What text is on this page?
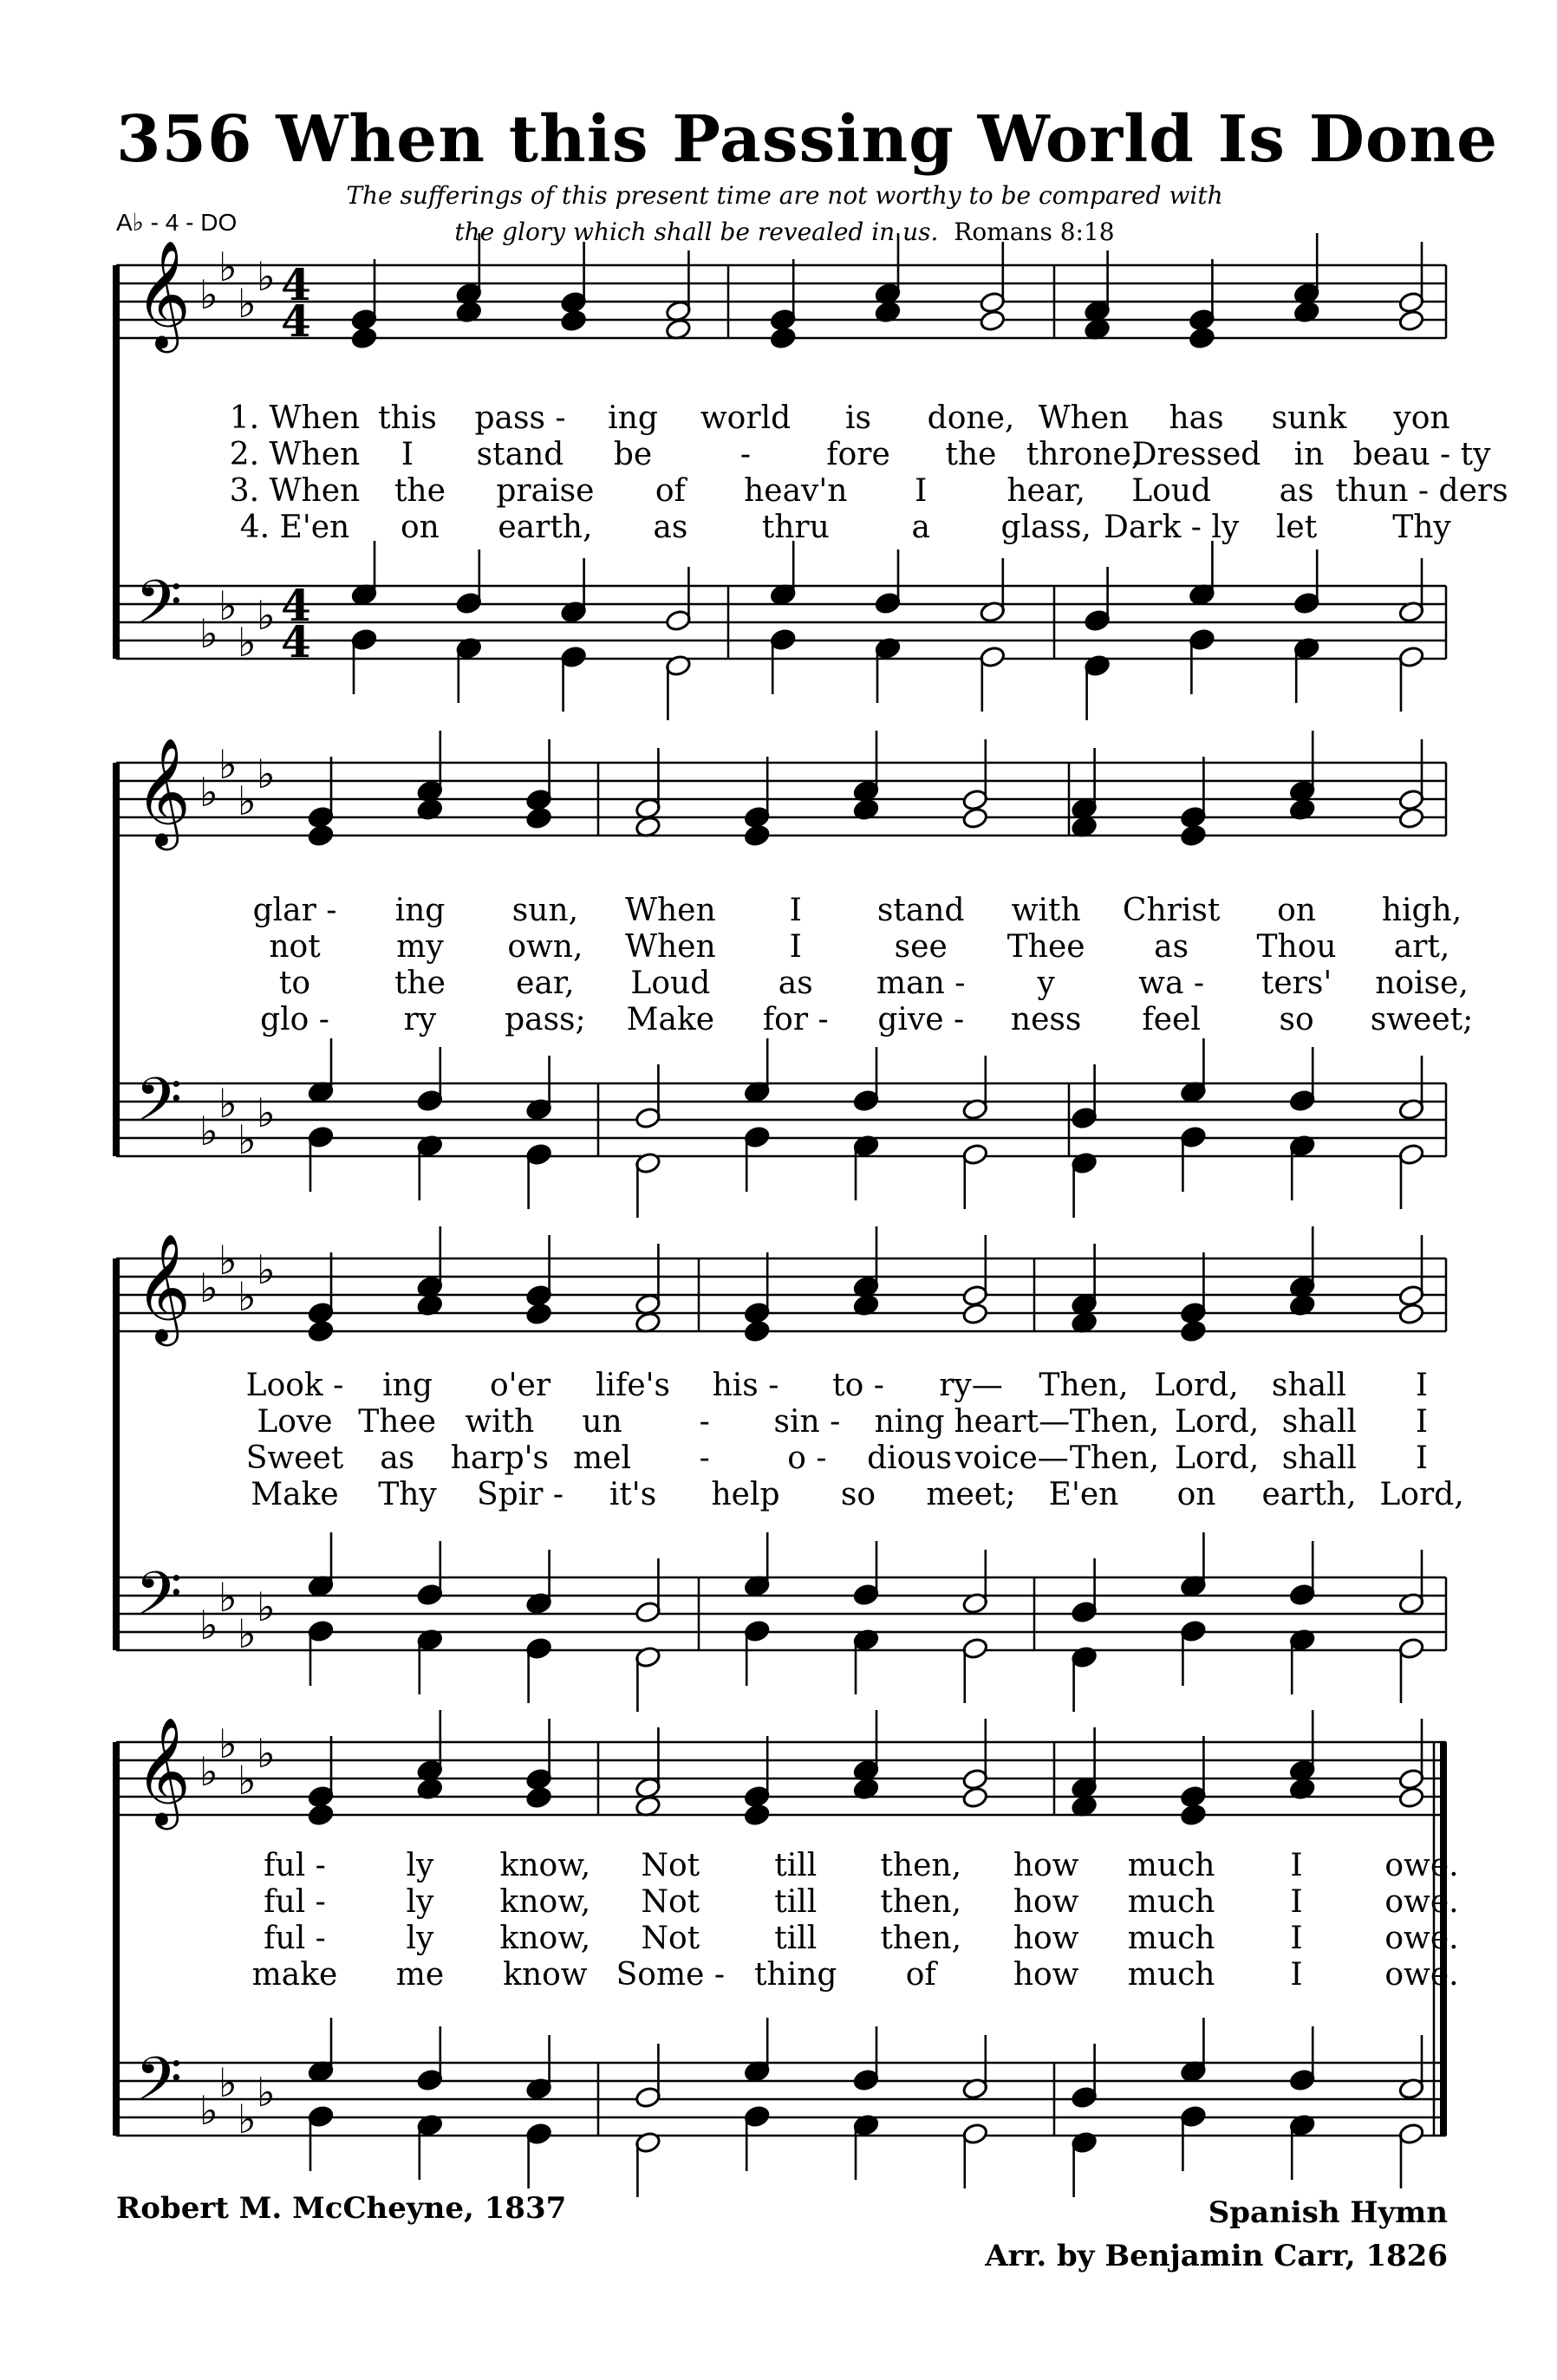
356 When this Passing World Is Done
A♭ - 4 - DO
The sufferings of this present time are not worthy to be compared with
the glory which shall be revealed in us. Romans 8:18
𝄞
𝄢
♭
♭
♭
♭
♭
♭
♭
♭
4
4
4
4
𝄞
𝄢
♭
♭
♭
♭
♭
♭
♭
♭
𝄞
𝄢
♭
♭
♭
♭
♭
♭
♭
♭
𝄞
𝄢
♭
♭
♭
♭
♭
♭
♭
♭
1. When this pass - ing world is done, When has sunk yon
2. When I stand be	- fore the throne,
Dressed in beau - ty
3. When the praise of heav'n I	hear, Loud as thun - ders
4. E'en on earth, as thru	a glass, Dark - ly let Thy
glar - ing sun, When I stand with Christ on high,
not my own, When I	see Thee as Thou art,
to	the ear, Loud as man - y	wa - ters' noise,
glo - ry pass; Make for - give - ness feel	so sweet;
Look - ing o'er life's his - to - ry— Then, Lord, shall I
Love Thee with un - sin - ning heart— Then, Lord, shall I
Sweet as harp's mel - o - dious voice— Then, Lord, shall I
Make Thy Spir - it's help so meet; E'en on earth, Lord,
ful -	ly know, Not till then, how much I	owe.
ful -	ly know, Not till then, how much I	owe.
ful -	ly know, Not till then, how much I	owe.
make me know Some - thing of how much I	owe.
Robert M. McCheyne, 1837	Spanish Hymn
Arr. by Benjamin Carr, 1826
